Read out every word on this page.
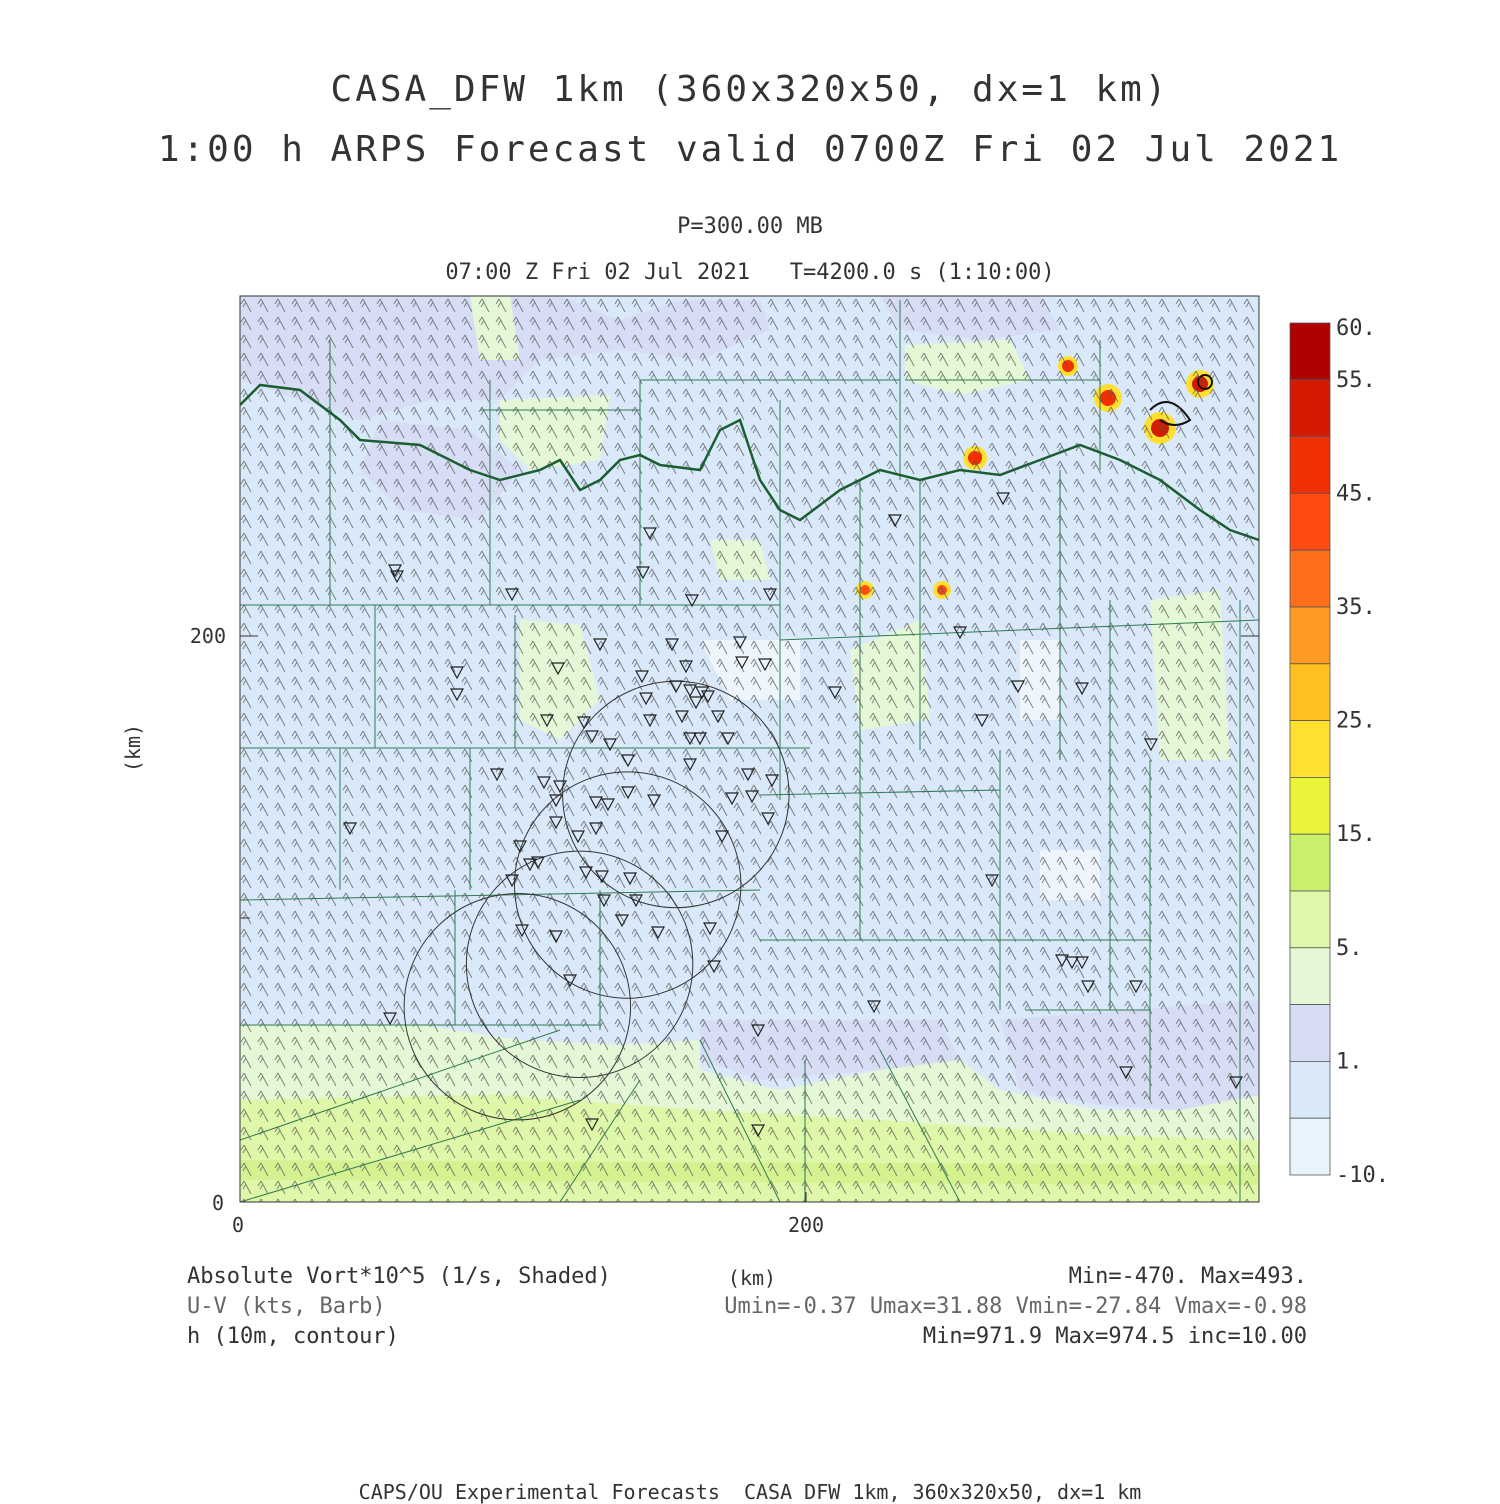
CASA_DFW 1km (360x320x50, dx=1 km)
1:00 h ARPS Forecast valid 0700Z Fri 02 Jul 2021
P=300.00 MB
07:00 Z Fri 02 Jul 2021   T=4200.0 s (1:10:00)
0	200
0
200
(km)
(km)
60.
55.
45.
35.
25.
15.
5.
1.
-10.
Absolute Vort*10^5 (1/s, Shaded)	Min=-470. Max=493.
U-V (kts, Barb)	Umin=-0.37 Umax=31.88 Vmin=-27.84 Vmax=-0.98
h (10m, contour)	Min=971.9 Max=974.5 inc=10.00
CAPS/OU Experimental Forecasts  CASA DFW 1km, 360x320x50, dx=1 km
